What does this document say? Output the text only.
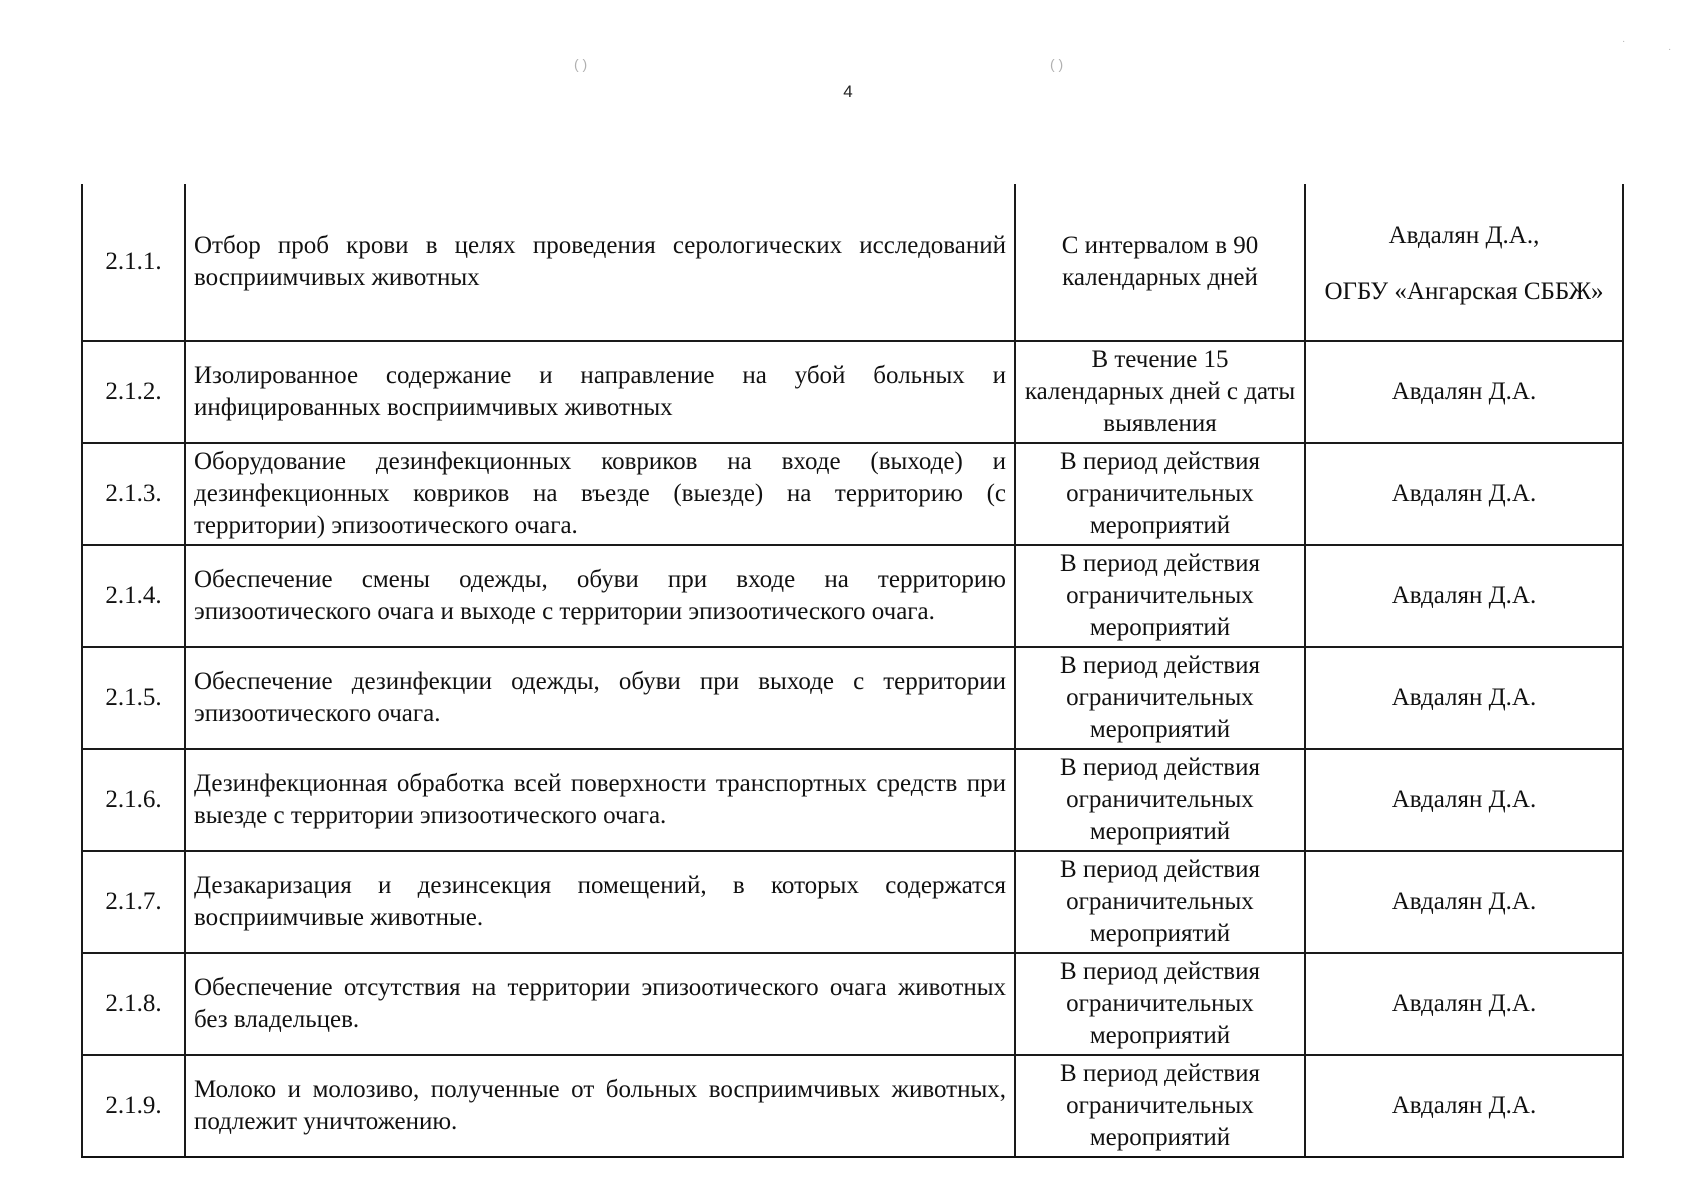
( )	( )
·
·
4
2.1.1.	Отбор проб крови в целях проведения серологических исследований восприимчивых животных	С интервалом в 90 календарных дней	Авдалян Д.А.,
ОГБУ «Ангарская СББЖ»
2.1.2.	Изолированное содержание и направление на убой больных и инфицированных восприимчивых животных	В течение 15 календарных дней с даты выявления	Авдалян Д.А.
2.1.3.	Оборудование дезинфекционных ковриков на входе (выходе) и дезинфекционных ковриков на въезде (выезде) на территорию (с территории) эпизоотического очага.	В период действия ограничительных мероприятий	Авдалян Д.А.
2.1.4.	Обеспечение смены одежды, обуви при входе на территорию эпизоотического очага и выходе с территории эпизоотического очага.	В период действия ограничительных мероприятий	Авдалян Д.А.
2.1.5.	Обеспечение дезинфекции одежды, обуви при выходе с территории эпизоотического очага.	В период действия ограничительных мероприятий	Авдалян Д.А.
2.1.6.	Дезинфекционная обработка всей поверхности транспортных средств при выезде с территории эпизоотического очага.	В период действия ограничительных мероприятий	Авдалян Д.А.
2.1.7.	Дезакаризация и дезинсекция помещений, в которых содержатся восприимчивые животные.	В период действия ограничительных мероприятий	Авдалян Д.А.
2.1.8.	Обеспечение отсутствия на территории эпизоотического очага животных без владельцев.	В период действия ограничительных мероприятий	Авдалян Д.А.
2.1.9.	Молоко и молозиво, полученные от больных восприимчивых животных, подлежит уничтожению.	В период действия ограничительных мероприятий	Авдалян Д.А.
